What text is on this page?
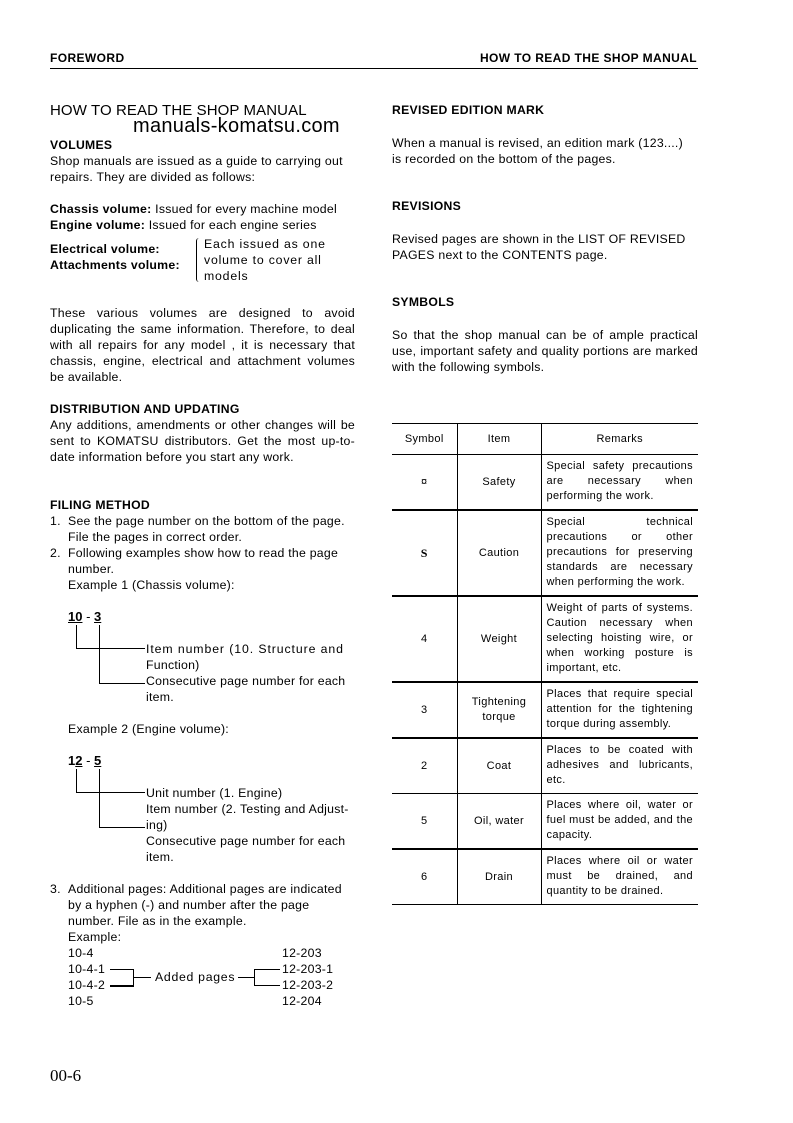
FOREWORD	HOW TO READ THE SHOP MANUAL
HOW TO READ THE SHOP MANUAL
manuals-komatsu.com
VOLUMES
Shop manuals are issued as a guide to carrying out
repairs. They are divided as follows:
Chassis volume: Issued for every machine model
Engine volume: Issued for each engine series
Electrical volume:
Attachments volume:
Each issued as one
volume to cover all
models
These various volumes are designed to avoid duplicating the same information. Therefore, to deal with all repairs for any model , it is necessary that chassis, engine, electrical and attachment volumes be available.
DISTRIBUTION AND UPDATING
Any additions, amendments or other changes will be sent to KOMATSU distributors. Get the most up-to-date information before you start any work.
FILING METHOD
1. See the page number on the bottom of the page.
File the pages in correct order.
2. Following examples show how to read the page
number.
Example 1 (Chassis volume):
10 - 3
Item number (10. Structure and
Function)
Consecutive page number for each
item.
Example 2 (Engine volume):
12 - 5
Unit number (1. Engine)
Item number (2. Testing and Adjust-
ing)
Consecutive page number for each
item.
3. Additional pages: Additional pages are indicated
by a hyphen (-) and number after the page
number. File as in the example.
Example:
10-4
10-4-1
10-4-2
10-5
Added pages
12-203
12-203-1
12-203-2
12-204
REVISED EDITION MARK
When a manual is revised, an edition mark (123....)
is recorded on the bottom of the pages.
REVISIONS
Revised pages are shown in the LIST OF REVISED
PAGES next to the CONTENTS page.
SYMBOLS
So that the shop manual can be of ample practical use, important safety and quality portions are marked with the following symbols.
Symbol	Item	Remarks
¤	Safety	Special safety precautions are necessary when performing the work.
S	Caution	Special technical precautions or other precautions for preserving standards are necessary when performing the work.
4	Weight	Weight of parts of systems. Caution necessary when selecting hoisting wire, or when working posture is important, etc.
3	Tightening torque	Places that require special attention for the tightening torque during assembly.
2	Coat	Places to be coated with adhesives and lubricants, etc.
5	Oil, water	Places where oil, water or fuel must be added, and the capacity.
6	Drain	Places where oil or water must be drained, and quantity to be drained.
00-6
